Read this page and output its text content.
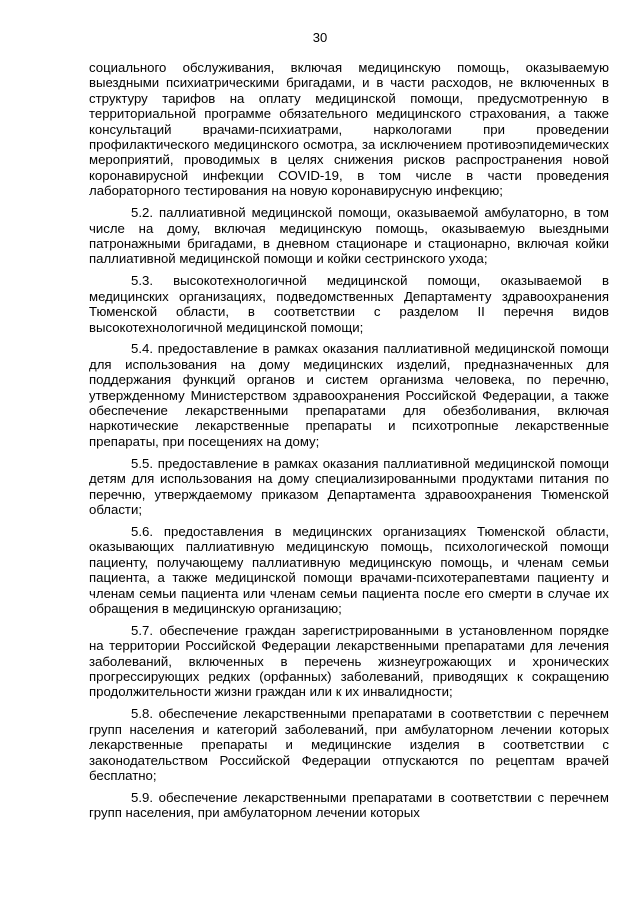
30

социального обслуживания, включая медицинскую помощь, оказываемую выездными психиатрическими бригадами, и в части расходов, не включенных в структуру тарифов на оплату медицинской помощи, предусмотренную в территориальной программе обязательного медицинского страхования, а также консультаций врачами-психиатрами, наркологами при проведении профилактического медицинского осмотра, за исключением противоэпидемических мероприятий, проводимых в целях снижения рисков распространения новой коронавирусной инфекции COVID-19, в том числе в части проведения лабораторного тестирования на новую коронавирусную инфекцию;

5.2. паллиативной медицинской помощи, оказываемой амбулаторно, в том числе на дому, включая медицинскую помощь, оказываемую выездными патронажными бригадами, в дневном стационаре и стационарно, включая койки паллиативной медицинской помощи и койки сестринского ухода;

5.3. высокотехнологичной медицинской помощи, оказываемой в медицинских организациях, подведомственных Департаменту здравоохранения Тюменской области, в соответствии с разделом II перечня видов высокотехнологичной медицинской помощи;

5.4. предоставление в рамках оказания паллиативной медицинской помощи для использования на дому медицинских изделий, предназначенных для поддержания функций органов и систем организма человека, по перечню, утвержденному Министерством здравоохранения Российской Федерации, а также обеспечение лекарственными препаратами для обезболивания, включая наркотические лекарственные препараты и психотропные лекарственные препараты, при посещениях на дому;

5.5. предоставление в рамках оказания паллиативной медицинской помощи детям для использования на дому специализированными продуктами питания по перечню, утверждаемому приказом Департамента здравоохранения Тюменской области;

5.6. предоставления в медицинских организациях Тюменской области, оказывающих паллиативную медицинскую помощь, психологической помощи пациенту, получающему паллиативную медицинскую помощь, и членам семьи пациента, а также медицинской помощи врачами-психотерапевтами пациенту и членам семьи пациента или членам семьи пациента после его смерти в случае их обращения в медицинскую организацию;

5.7. обеспечение граждан зарегистрированными в установленном порядке на территории Российской Федерации лекарственными препаратами для лечения заболеваний, включенных в перечень жизнеугрожающих и хронических прогрессирующих редких (орфанных) заболеваний, приводящих к сокращению продолжительности жизни граждан или к их инвалидности;

5.8. обеспечение лекарственными препаратами в соответствии с перечнем групп населения и категорий заболеваний, при амбулаторном лечении которых лекарственные препараты и медицинские изделия в соответствии с законодательством Российской Федерации отпускаются по рецептам врачей бесплатно;

5.9. обеспечение лекарственными препаратами в соответствии с перечнем групп населения, при амбулаторном лечении которых
